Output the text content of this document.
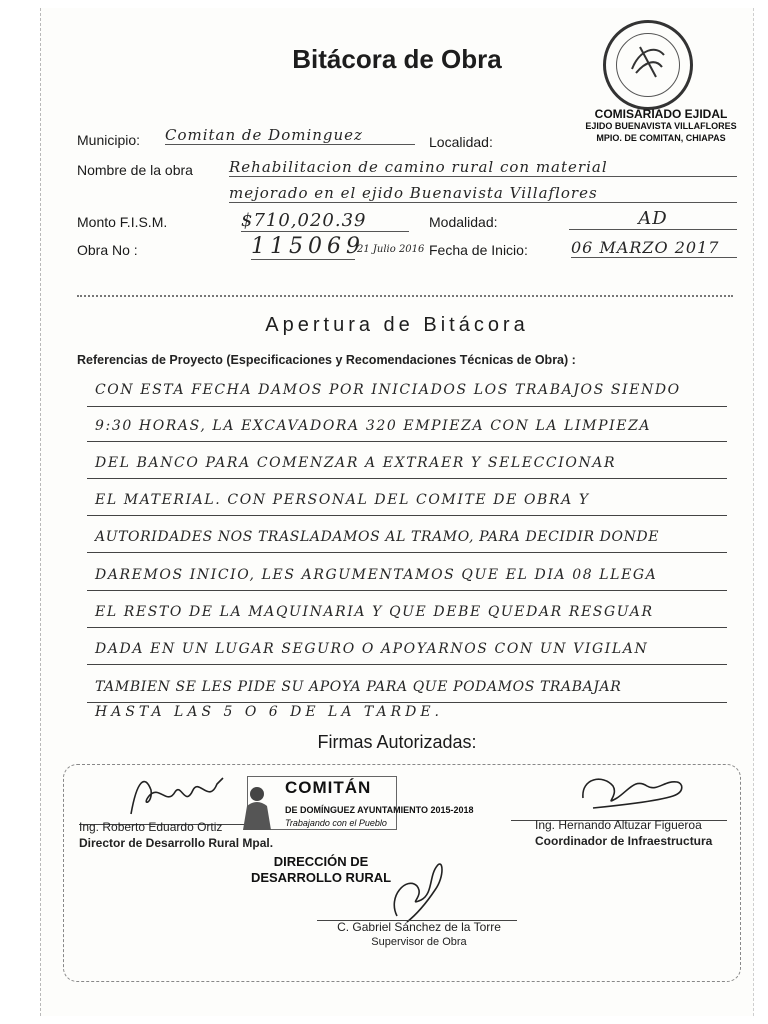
Bitácora de Obra
COMISARIADO EJIDAL
EJIDO BUENAVISTA VILLAFLORES
MPIO. DE COMITAN, CHIAPAS
Municipio: Comitan de Dominguez	Localidad:
Nombre de la obra Rehabilitacion de camino rural con material
mejorado en el ejido Buenavista Villaflores
Monto F.I.S.M.	$710,020.39	Modalidad:	AD
Obra No :	115069
21 Julio 2016 Fecha de Inicio:	06 MARZO 2017
Apertura de Bitácora
Referencias de Proyecto (Especificaciones y Recomendaciones Técnicas de Obra) :
CON ESTA FECHA DAMOS POR INICIADOS LOS TRABAJOS SIENDO
9:30 HORAS, LA EXCAVADORA 320 EMPIEZA CON LA LIMPIEZA
DEL BANCO PARA COMENZAR A EXTRAER Y SELECCIONAR
EL MATERIAL. CON PERSONAL DEL COMITE DE OBRA Y
AUTORIDADES NOS TRASLADAMOS AL TRAMO, PARA DECIDIR DONDE
DAREMOS INICIO, LES ARGUMENTAMOS QUE EL DIA 08 LLEGA
EL RESTO DE LA MAQUINARIA Y QUE DEBE QUEDAR RESGUAR
DADA EN UN LUGAR SEGURO O APOYARNOS CON UN VIGILAN
TAMBIEN SE LES PIDE SU APOYA PARA QUE PODAMOS TRABAJAR
HASTA LAS 5 O 6 DE LA TARDE.
Firmas Autorizadas:
Ing. Roberto Eduardo Ortiz
Director de Desarrollo Rural Mpal.
COMITÁN
DE DOMÍNGUEZ AYUNTAMIENTO 2015-2018
Trabajando con el Pueblo	Ing. Hernando Altuzar Figueroa
Coordinador de Infraestructura
DIRECCIÓN DE
DESARROLLO RURAL
C. Gabriel Sánchez de la Torre
Supervisor de Obra
